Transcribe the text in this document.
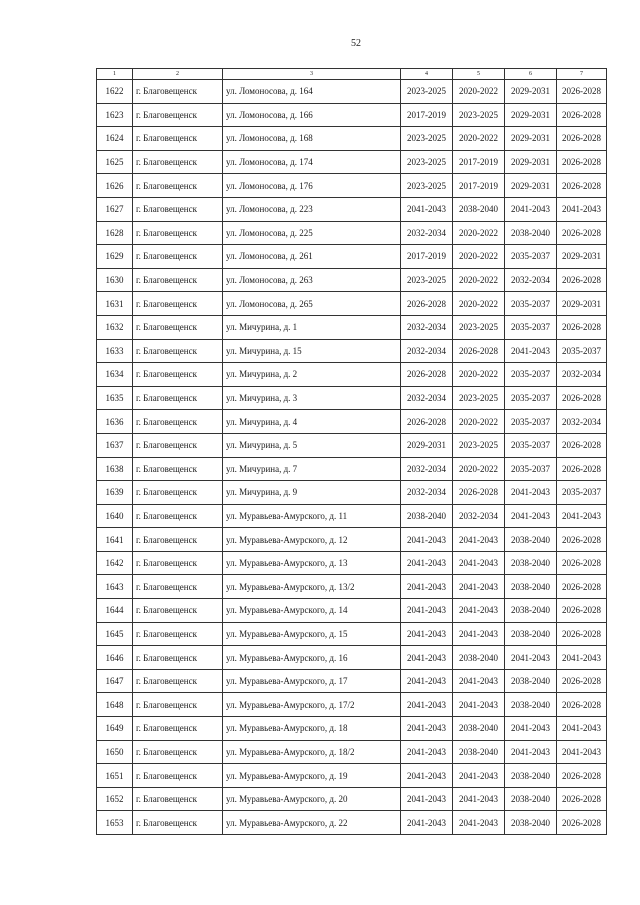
52
1	2	3	4	5	6	7
1622	г. Благовещенск	ул. Ломоносова, д. 164	2023-2025	2020-2022	2029-2031	2026-2028
1623	г. Благовещенск	ул. Ломоносова, д. 166	2017-2019	2023-2025	2029-2031	2026-2028
1624	г. Благовещенск	ул. Ломоносова, д. 168	2023-2025	2020-2022	2029-2031	2026-2028
1625	г. Благовещенск	ул. Ломоносова, д. 174	2023-2025	2017-2019	2029-2031	2026-2028
1626	г. Благовещенск	ул. Ломоносова, д. 176	2023-2025	2017-2019	2029-2031	2026-2028
1627	г. Благовещенск	ул. Ломоносова, д. 223	2041-2043	2038-2040	2041-2043	2041-2043
1628	г. Благовещенск	ул. Ломоносова, д. 225	2032-2034	2020-2022	2038-2040	2026-2028
1629	г. Благовещенск	ул. Ломоносова, д. 261	2017-2019	2020-2022	2035-2037	2029-2031
1630	г. Благовещенск	ул. Ломоносова, д. 263	2023-2025	2020-2022	2032-2034	2026-2028
1631	г. Благовещенск	ул. Ломоносова, д. 265	2026-2028	2020-2022	2035-2037	2029-2031
1632	г. Благовещенск	ул. Мичурина, д. 1	2032-2034	2023-2025	2035-2037	2026-2028
1633	г. Благовещенск	ул. Мичурина, д. 15	2032-2034	2026-2028	2041-2043	2035-2037
1634	г. Благовещенск	ул. Мичурина, д. 2	2026-2028	2020-2022	2035-2037	2032-2034
1635	г. Благовещенск	ул. Мичурина, д. 3	2032-2034	2023-2025	2035-2037	2026-2028
1636	г. Благовещенск	ул. Мичурина, д. 4	2026-2028	2020-2022	2035-2037	2032-2034
1637	г. Благовещенск	ул. Мичурина, д. 5	2029-2031	2023-2025	2035-2037	2026-2028
1638	г. Благовещенск	ул. Мичурина, д. 7	2032-2034	2020-2022	2035-2037	2026-2028
1639	г. Благовещенск	ул. Мичурина, д. 9	2032-2034	2026-2028	2041-2043	2035-2037
1640	г. Благовещенск	ул. Муравьева-Амурского, д. 11	2038-2040	2032-2034	2041-2043	2041-2043
1641	г. Благовещенск	ул. Муравьева-Амурского, д. 12	2041-2043	2041-2043	2038-2040	2026-2028
1642	г. Благовещенск	ул. Муравьева-Амурского, д. 13	2041-2043	2041-2043	2038-2040	2026-2028
1643	г. Благовещенск	ул. Муравьева-Амурского, д. 13/2	2041-2043	2041-2043	2038-2040	2026-2028
1644	г. Благовещенск	ул. Муравьева-Амурского, д. 14	2041-2043	2041-2043	2038-2040	2026-2028
1645	г. Благовещенск	ул. Муравьева-Амурского, д. 15	2041-2043	2041-2043	2038-2040	2026-2028
1646	г. Благовещенск	ул. Муравьева-Амурского, д. 16	2041-2043	2038-2040	2041-2043	2041-2043
1647	г. Благовещенск	ул. Муравьева-Амурского, д. 17	2041-2043	2041-2043	2038-2040	2026-2028
1648	г. Благовещенск	ул. Муравьева-Амурского, д. 17/2	2041-2043	2041-2043	2038-2040	2026-2028
1649	г. Благовещенск	ул. Муравьева-Амурского, д. 18	2041-2043	2038-2040	2041-2043	2041-2043
1650	г. Благовещенск	ул. Муравьева-Амурского, д. 18/2	2041-2043	2038-2040	2041-2043	2041-2043
1651	г. Благовещенск	ул. Муравьева-Амурского, д. 19	2041-2043	2041-2043	2038-2040	2026-2028
1652	г. Благовещенск	ул. Муравьева-Амурского, д. 20	2041-2043	2041-2043	2038-2040	2026-2028
1653	г. Благовещенск	ул. Муравьева-Амурского, д. 22	2041-2043	2041-2043	2038-2040	2026-2028
